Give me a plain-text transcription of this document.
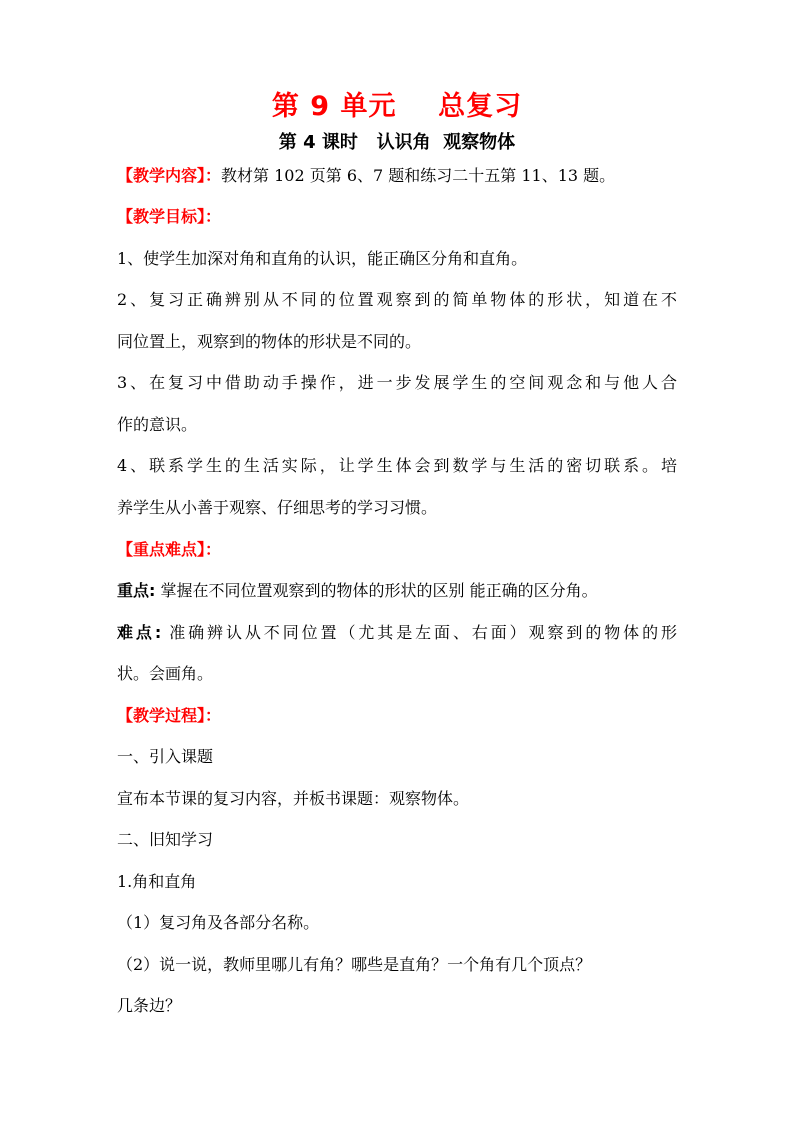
第 9 单元    总复习
第 4 课时   认识角  观察物体
【教学内容】：教材第 102 页第 6、7 题和练习二十五第 11、13 题。
【教学目标】：
1、使学生加深对角和直角的认识，能正确区分角和直角。
2、复习正确辨别从不同的位置观察到的简单物体的形状，知道在不
同位置上，观察到的物体的形状是不同的。
3、在复习中借助动手操作，进一步发展学生的空间观念和与他人合
作的意识。
4、联系学生的生活实际，让学生体会到数学与生活的密切联系。培
养学生从小善于观察、仔细思考的学习习惯。
【重点难点】：
重点: 掌握在不同位置观察到的物体的形状的区别 能正确的区分角。
难点: 准确辨认从不同位置（尤其是左面、右面）观察到的物体的形
状。会画角。
【教学过程】：
一、引入课题
宣布本节课的复习内容，并板书课题：观察物体。
二、旧知学习
1.角和直角
（1）复习角及各部分名称。
（2）说一说，教师里哪儿有角？哪些是直角？一个角有几个顶点？
几条边？
